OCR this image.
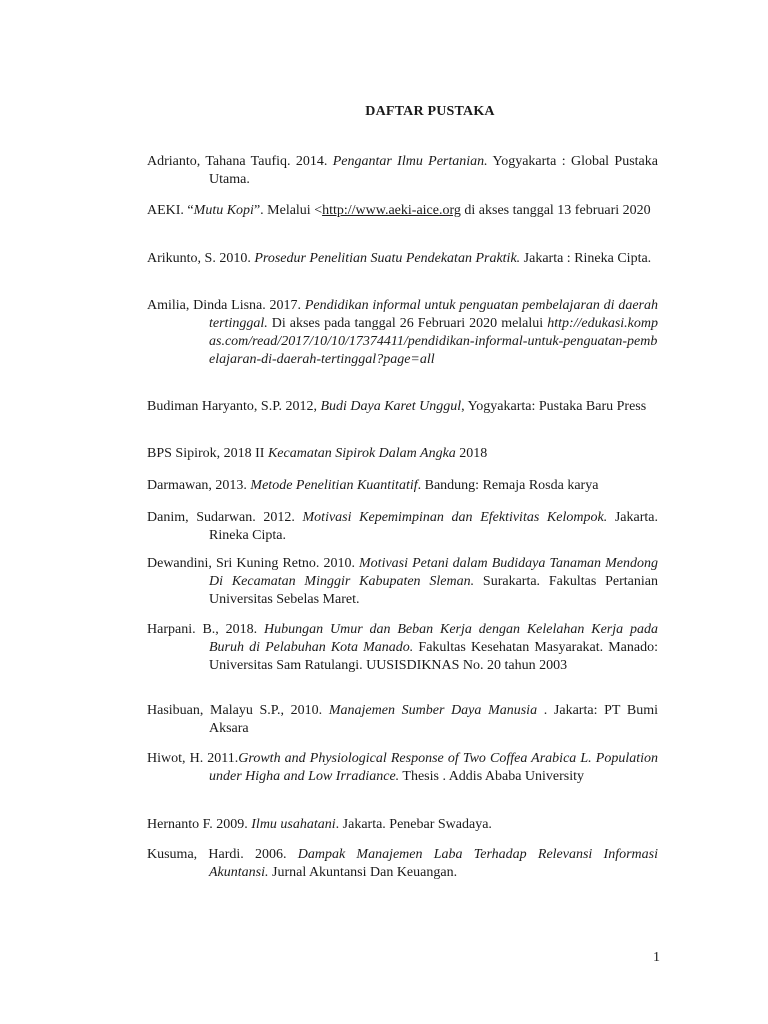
DAFTAR PUSTAKA
Adrianto, Tahana Taufiq. 2014. Pengantar Ilmu Pertanian. Yogyakarta : Global Pustaka Utama.
AEKI. “Mutu Kopi”. Melalui <http://www.aeki-aice.org di akses tanggal 13 februari 2020
Arikunto, S. 2010. Prosedur Penelitian Suatu Pendekatan Praktik. Jakarta : Rineka Cipta.
Amilia, Dinda Lisna. 2017. Pendidikan informal untuk penguatan pembelajaran di daerah tertinggal. Di akses pada tanggal 26 Februari 2020 melalui http://edukasi.kompas.com/read/2017/10/10/17374411/pendidikan-informal-untuk-penguatan-pembelajaran-di-daerah-tertinggal?page=all
Budiman Haryanto, S.P. 2012, Budi Daya Karet Unggul, Yogyakarta: Pustaka Baru Press
BPS Sipirok, 2018 II Kecamatan Sipirok Dalam Angka 2018
Darmawan, 2013. Metode Penelitian Kuantitatif. Bandung: Remaja Rosda karya
Danim, Sudarwan. 2012. Motivasi Kepemimpinan dan Efektivitas Kelompok. Jakarta. Rineka Cipta.
Dewandini, Sri Kuning Retno. 2010. Motivasi Petani dalam Budidaya Tanaman Mendong Di Kecamatan Minggir Kabupaten Sleman. Surakarta. Fakultas Pertanian Universitas Sebelas Maret.
Harpani. B., 2018. Hubungan Umur dan Beban Kerja dengan Kelelahan Kerja pada Buruh di Pelabuhan Kota Manado. Fakultas Kesehatan Masyarakat. Manado: Universitas Sam Ratulangi. UUSISDIKNAS No. 20 tahun 2003
Hasibuan, Malayu S.P., 2010. Manajemen Sumber Daya Manusia . Jakarta: PT Bumi Aksara
Hiwot, H. 2011.Growth and Physiological Response of Two Coffea Arabica L. Population under Higha and Low Irradiance. Thesis . Addis Ababa University
Hernanto F. 2009. Ilmu usahatani. Jakarta. Penebar Swadaya.
Kusuma, Hardi. 2006. Dampak Manajemen Laba Terhadap Relevansi Informasi Akuntansi. Jurnal Akuntansi Dan Keuangan.
1
